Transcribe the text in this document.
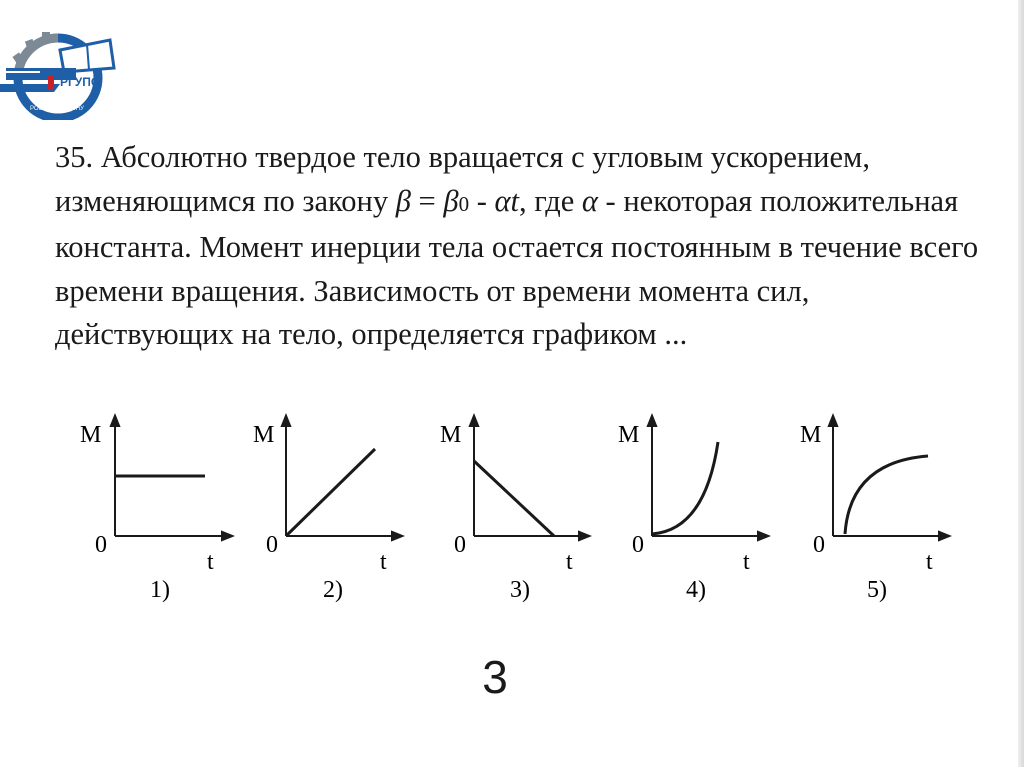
РГУПС
РОСТОВ-НА-ДОНУ

35. Абсолютно твердое тело вращается с угловым ускорением,
изменяющимся по закону β = β0 - αt, где α - некоторая положительная константа. Момент инерции тела остается постоянным в течение всего времени вращения. Зависимость от времени момента сил, действующих на тело, определяется графиком ...

M
0
t
1)
M
0
t
2)
M
0
t
3)
M
0
t
4)
M
0
t
5)
3
